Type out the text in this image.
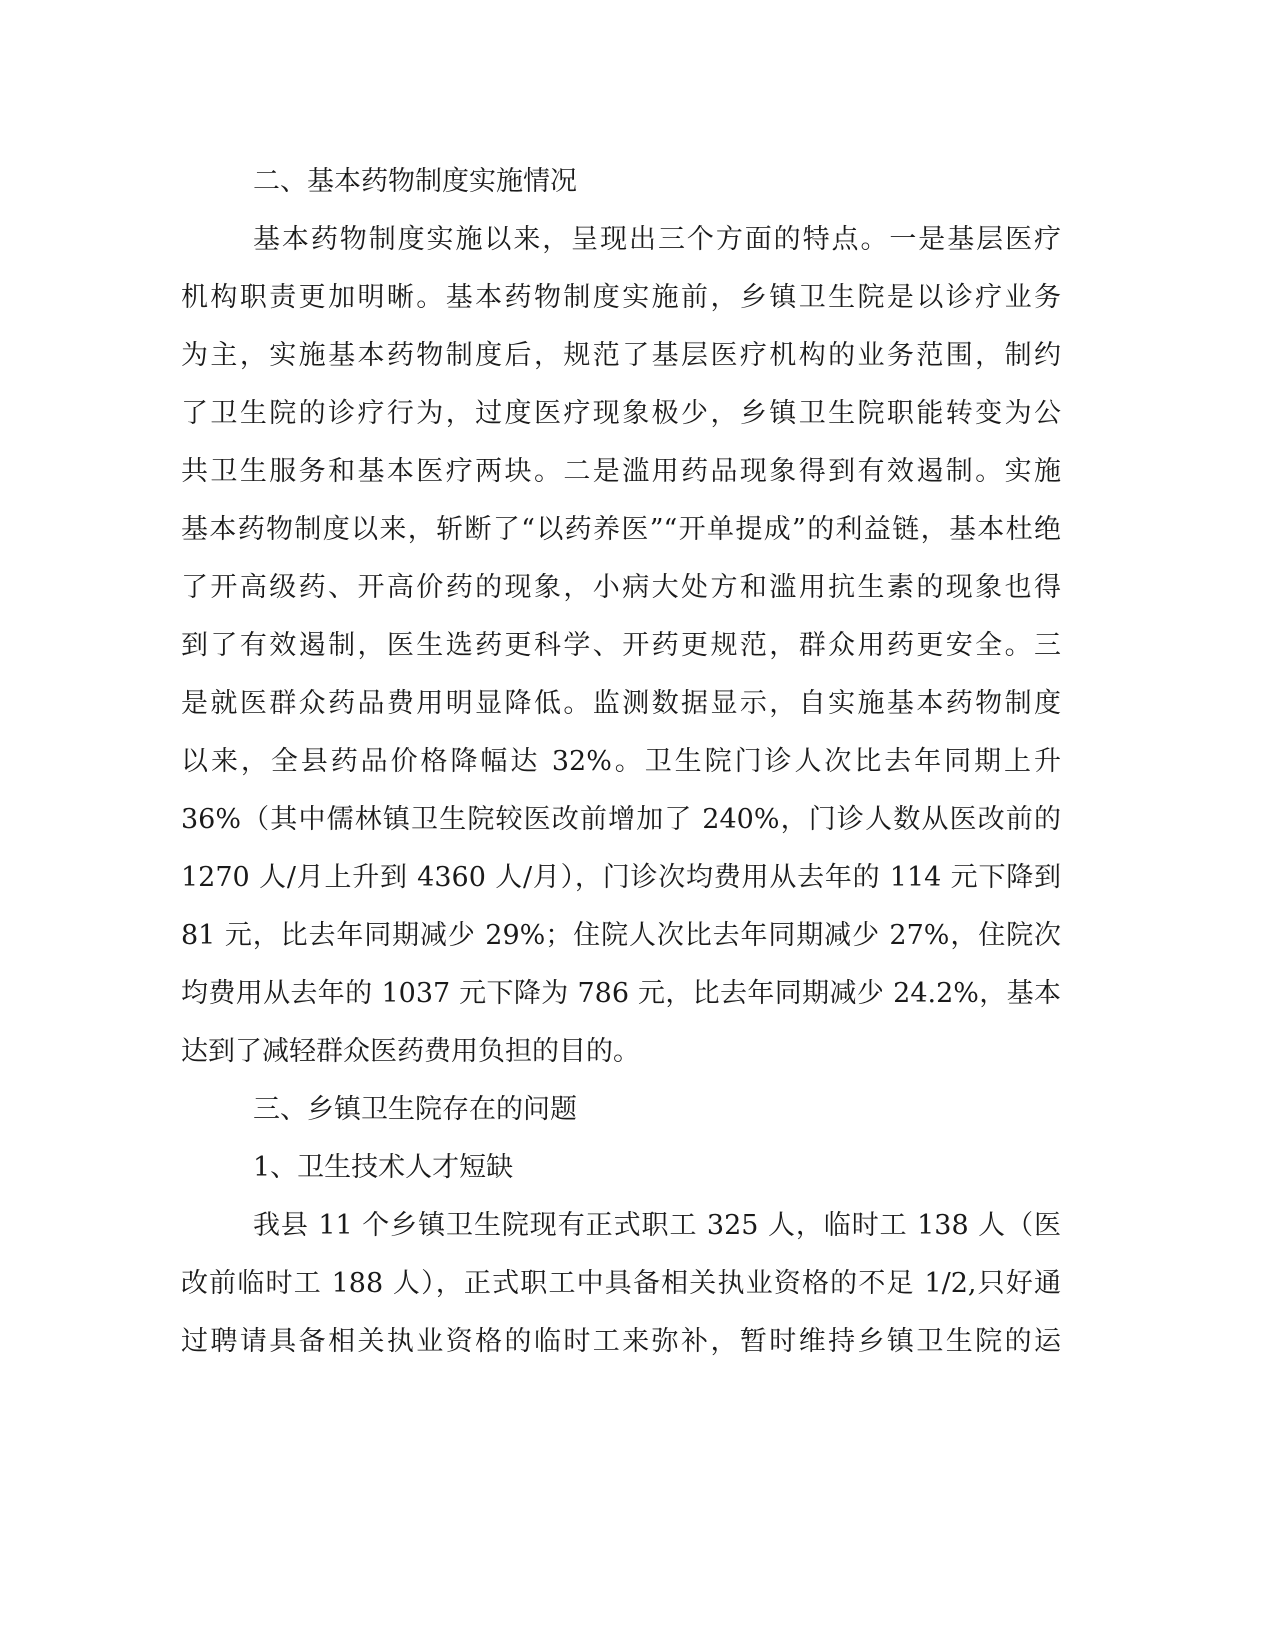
二、基本药物制度实施情况
基本药物制度实施以来，呈现出三个方面的特点。一是基层医疗
机构职责更加明晰。基本药物制度实施前，乡镇卫生院是以诊疗业务
为主，实施基本药物制度后，规范了基层医疗机构的业务范围，制约
了卫生院的诊疗行为，过度医疗现象极少，乡镇卫生院职能转变为公
共卫生服务和基本医疗两块。二是滥用药品现象得到有效遏制。实施
基本药物制度以来，斩断了“以药养医”“开单提成”的利益链，基本杜绝
了开高级药、开高价药的现象，小病大处方和滥用抗生素的现象也得
到了有效遏制，医生选药更科学、开药更规范，群众用药更安全。三
是就医群众药品费用明显降低。监测数据显示，自实施基本药物制度
以来，全县药品价格降幅达 32%。卫生院门诊人次比去年同期上升
36%（其中儒林镇卫生院较医改前增加了 240%，门诊人数从医改前的
1270 人/月上升到 4360 人/月），门诊次均费用从去年的 114 元下降到
81 元，比去年同期减少 29%；住院人次比去年同期减少 27%，住院次
均费用从去年的 1037 元下降为 786 元，比去年同期减少 24.2%，基本
达到了减轻群众医药费用负担的目的。
三、乡镇卫生院存在的问题
1、卫生技术人才短缺
我县 11 个乡镇卫生院现有正式职工 325 人，临时工 138 人（医
改前临时工 188 人），正式职工中具备相关执业资格的不足 1/2,只好通
过聘请具备相关执业资格的临时工来弥补，暂时维持乡镇卫生院的运
